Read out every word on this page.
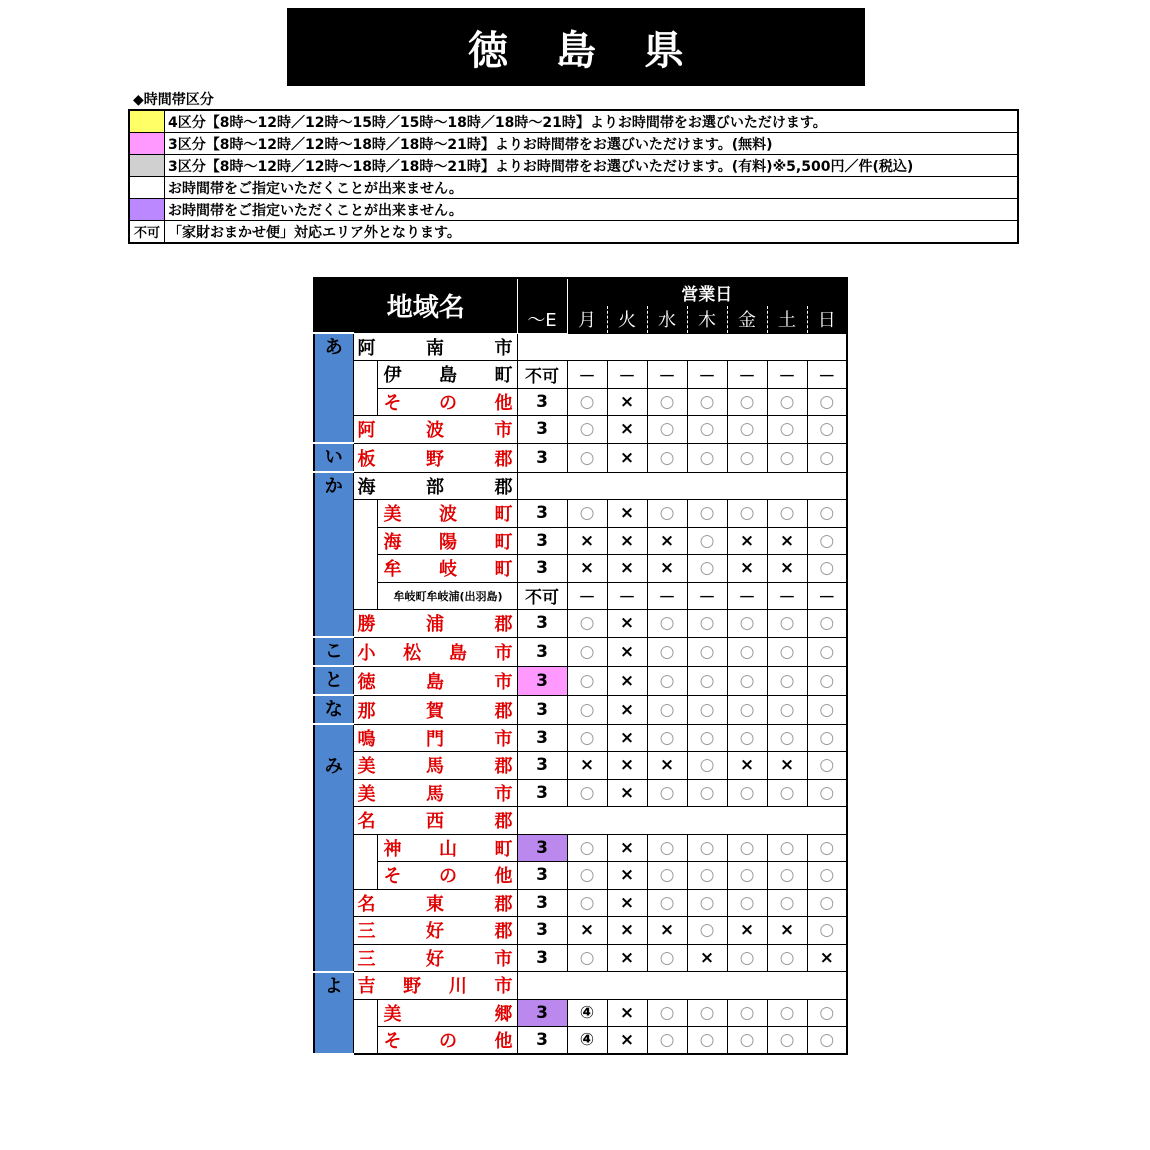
徳島県
◆時間帯区分
	4区分【8時～12時／12時～15時／15時～18時／18時～21時】よりお時間帯をお選びいただけます。
	3区分【8時～12時／12時～18時／18時～21時】よりお時間帯をお選びいただけます。(無料)
	3区分【8時～12時／12時～18時／18時～21時】よりお時間帯をお選びいただけます。(有料)※5,500円／件(税込)
	お時間帯をご指定いただくことが出来ません。
	お時間帯をご指定いただくことが出来ません。
不可	「家財おまかせ便」対応エリア外となります。
地域名				営業日						
			～E	月	火	水	木	金	土	日

あ	阿南市									
		伊島町	不可	－	－	－	－	－	－	－
		その他	3	○	×	○	○	○	○	○
	阿波市		3	○	×	○	○	○	○	○

い	板野郡		3	○	×	○	○	○	○	○

か	海部郡									
		美波町	3	○	×	○	○	○	○	○
		海陽町	3	×	×	×	○	×	×	○
		牟岐町	3	×	×	×	○	×	×	○
		牟岐町牟岐浦(出羽島)	不可	－	－	－	－	－	－	－
	勝浦郡		3	○	×	○	○	○	○	○

こ	小松島市		3	○	×	○	○	○	○	○

と	徳島市		3	○	×	○	○	○	○	○

な	那賀郡		3	○	×	○	○	○	○	○

み	鳴門市		3	○	×	○	○	○	○	○
	美馬郡		3	×	×	×	○	×	×	○
	美馬市		3	○	×	○	○	○	○	○
	名西郡									
		神山町	3	○	×	○	○	○	○	○
		その他	3	○	×	○	○	○	○	○
	名東郡		3	○	×	○	○	○	○	○
	三好郡		3	×	×	×	○	×	×	○
	三好市		3	○	×	○	×	○	○	×

よ	吉野川市									
		美郷	3	④	×	○	○	○	○	○
		その他	3	④	×	○	○	○	○	○
